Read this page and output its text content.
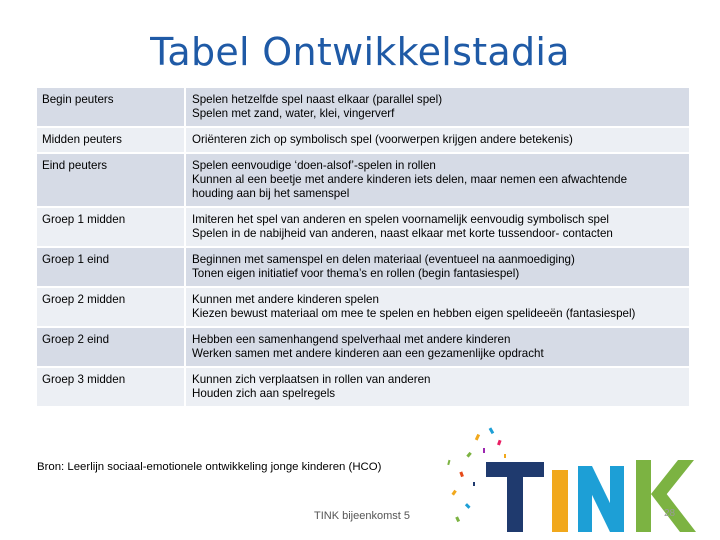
Tabel Ontwikkelstadia
Begin peuters	Spelen hetzelfde spel naast elkaar (parallel spel)
Spelen met zand, water, klei, vingerverf

Midden peuters	Oriënteren zich op symbolisch spel (voorwerpen krijgen andere betekenis)

Eind peuters	Spelen eenvoudige ‘doen-alsof’-spelen in rollen
Kunnen al een beetje met andere kinderen iets delen, maar nemen een afwachtende
houding aan bij het samenspel

Groep 1 midden	Imiteren het spel van anderen en spelen voornamelijk eenvoudig symbolisch spel
Spelen in de nabijheid van anderen, naast elkaar met korte tussendoor- contacten

Groep 1 eind	Beginnen met samenspel en delen materiaal (eventueel na aanmoediging)
Tonen eigen initiatief voor thema’s en rollen (begin fantasiespel)

Groep 2 midden	Kunnen met andere kinderen spelen
Kiezen bewust materiaal om mee te spelen en hebben eigen spelideeën (fantasiespel)

Groep 2 eind	Hebben een samenhangend spelverhaal met andere kinderen
Werken samen met andere kinderen aan een gezamenlijke opdracht

Groep 3 midden	Kunnen zich verplaatsen in rollen van anderen
Houden zich aan spelregels
Bron: Leerlijn sociaal-emotionele ontwikkeling jonge kinderen (HCO)
TINK bijeenkomst 5	28
